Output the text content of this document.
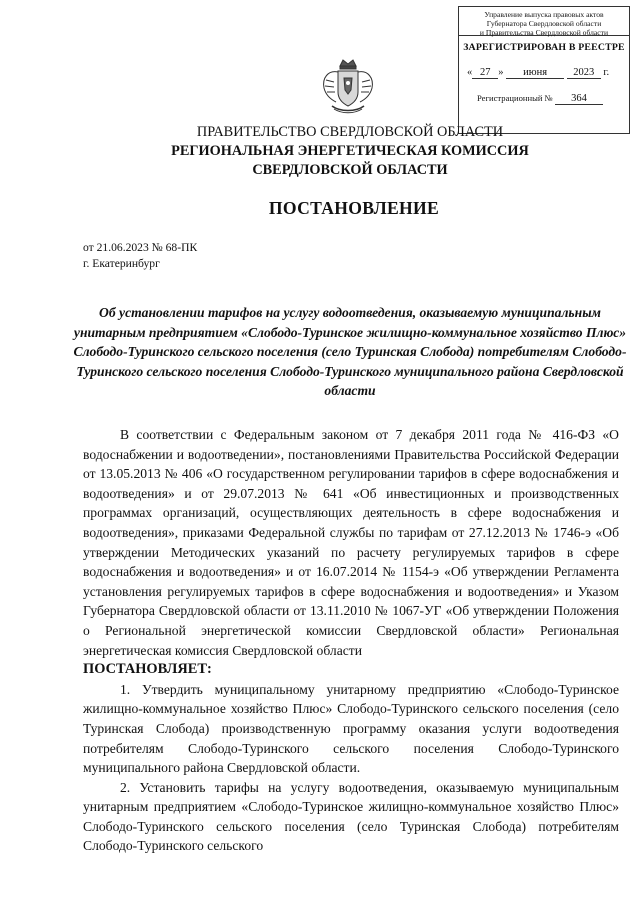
Управление выпуска правовых актов
Губернатора Свердловской области
и Правительства Свердловской области
ЗАРЕГИСТРИРОВАН В РЕЕСТРЕ
« 27 » июня 2023 г.
Регистрационный № 364
ПРАВИТЕЛЬСТВО СВЕРДЛОВСКОЙ ОБЛАСТИ
РЕГИОНАЛЬНАЯ ЭНЕРГЕТИЧЕСКАЯ КОМИССИЯ
СВЕРДЛОВСКОЙ ОБЛАСТИ
ПОСТАНОВЛЕНИЕ
от 21.06.2023 № 68-ПК
г. Екатеринбург
Об установлении тарифов на услугу водоотведения, оказываемую муниципальным унитарным предприятием «Слободо-Туринское жилищно-коммунальное хозяйство Плюс» Слободо-Туринского сельского поселения (село Туринская Слобода) потребителям Слободо-Туринского сельского поселения Слободо-Туринского муниципального района Свердловской области

В соответствии с Федеральным законом от 7 декабря 2011 года № 416-ФЗ «О водоснабжении и водоотведении», постановлениями Правительства Российской Федерации от 13.05.2013 № 406 «О государственном регулировании тарифов в сфере водоснабжения и водоотведения» и от 29.07.2013 № 641 «Об инвестиционных и производственных программах организаций, осуществляющих деятельность в сфере водоснабжения и водоотведения», приказами Федеральной службы по тарифам от 27.12.2013 № 1746-э «Об утверждении Методических указаний по расчету регулируемых тарифов в сфере водоснабжения и водоотведения» и от 16.07.2014 № 1154-э «Об утверждении Регламента установления регулируемых тарифов в сфере водоснабжения и водоотведения» и Указом Губернатора Свердловской области от 13.11.2010 № 1067-УГ «Об утверждении Положения о Региональной энергетической комиссии Свердловской области» Региональная энергетическая комиссия Свердловской области

ПОСТАНОВЛЯЕТ:

1. Утвердить муниципальному унитарному предприятию «Слободо-Туринское жилищно-коммунальное хозяйство Плюс» Слободо-Туринского сельского поселения (село Туринская Слобода) производственную программу оказания услуги водоотведения потребителям Слободо-Туринского сельского поселения Слободо-Туринского муниципального района Свердловской области.

2. Установить тарифы на услугу водоотведения, оказываемую муниципальным унитарным предприятием «Слободо-Туринское жилищно-коммунальное хозяйство Плюс» Слободо-Туринского сельского поселения (село Туринская Слобода) потребителям Слободо-Туринского сельского
